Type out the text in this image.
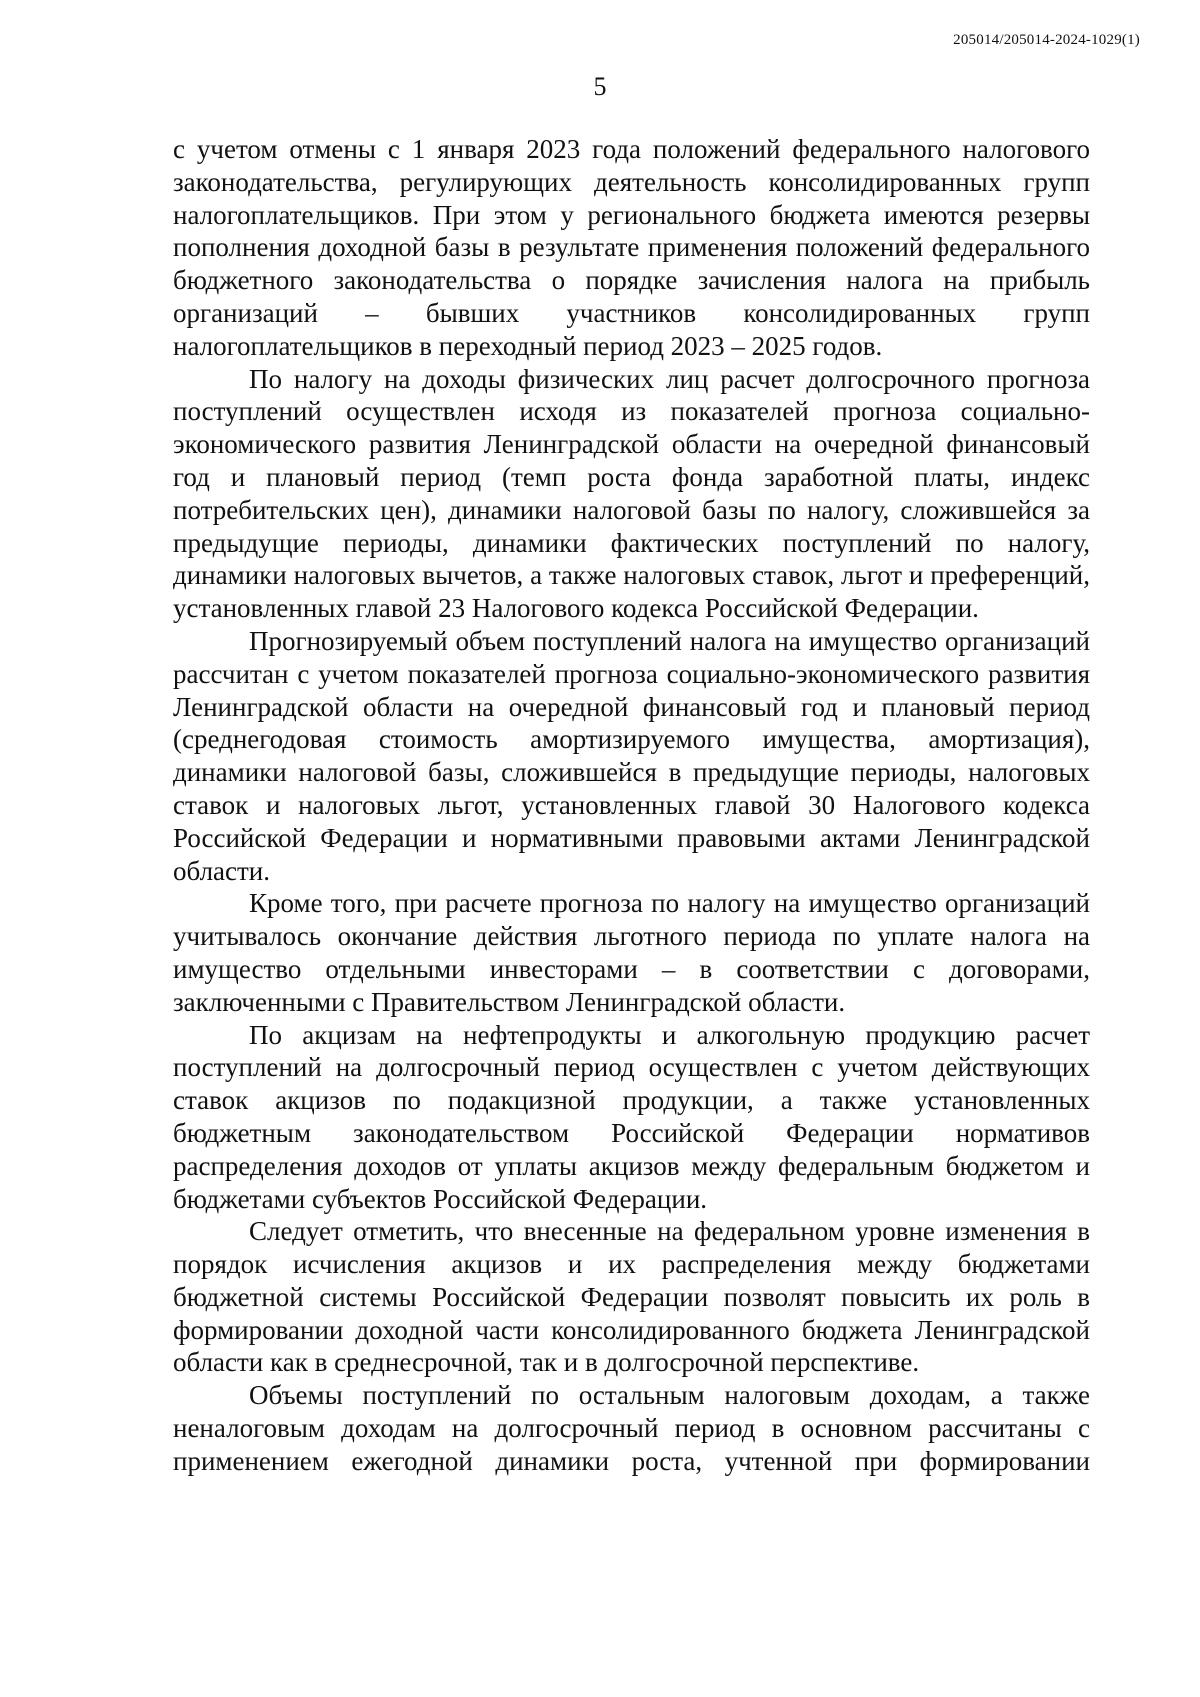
205014/205014-2024-1029(1)
5

с учетом отмены с 1 января 2023 года положений федерального налогового законодательства, регулирующих деятельность консолидированных групп налогоплательщиков. При этом у регионального бюджета имеются резервы пополнения доходной базы в результате применения положений федерального бюджетного законодательства о порядке зачисления налога на прибыль организаций – бывших участников консолидированных групп налогоплательщиков в переходный период 2023 – 2025 годов.

По налогу на доходы физических лиц расчет долгосрочного прогноза поступлений осуществлен исходя из показателей прогноза социально-экономического развития Ленинградской области на очередной финансовый год и плановый период (темп роста фонда заработной платы, индекс потребительских цен), динамики налоговой базы по налогу, сложившейся за предыдущие периоды, динамики фактических поступлений по налогу, динамики налоговых вычетов, а также налоговых ставок, льгот и преференций, установленных главой 23 Налогового кодекса Российской Федерации.

Прогнозируемый объем поступлений налога на имущество организаций рассчитан с учетом показателей прогноза социально-экономического развития Ленинградской области на очередной финансовый год и плановый период (среднегодовая стоимость амортизируемого имущества, амортизация), динамики налоговой базы, сложившейся в предыдущие периоды, налоговых ставок и налоговых льгот, установленных главой 30 Налогового кодекса Российской Федерации и нормативными правовыми актами Ленинградской области.

Кроме того, при расчете прогноза по налогу на имущество организаций учитывалось окончание действия льготного периода по уплате налога на имущество отдельными инвесторами – в соответствии с договорами, заключенными с Правительством Ленинградской области.

По акцизам на нефтепродукты и алкогольную продукцию расчет поступлений на долгосрочный период осуществлен с учетом действующих ставок акцизов по подакцизной продукции, а также установленных бюджетным законодательством Российской Федерации нормативов распределения доходов от уплаты акцизов между федеральным бюджетом и бюджетами субъектов Российской Федерации.

Следует отметить, что внесенные на федеральном уровне изменения в порядок исчисления акцизов и их распределения между бюджетами бюджетной системы Российской Федерации позволят повысить их роль в формировании доходной части консолидированного бюджета Ленинградской области как в среднесрочной, так и в долгосрочной перспективе.

Объемы поступлений по остальным налоговым доходам, а также неналоговым доходам на долгосрочный период в основном рассчитаны с применением ежегодной динамики роста, учтенной при формировании
